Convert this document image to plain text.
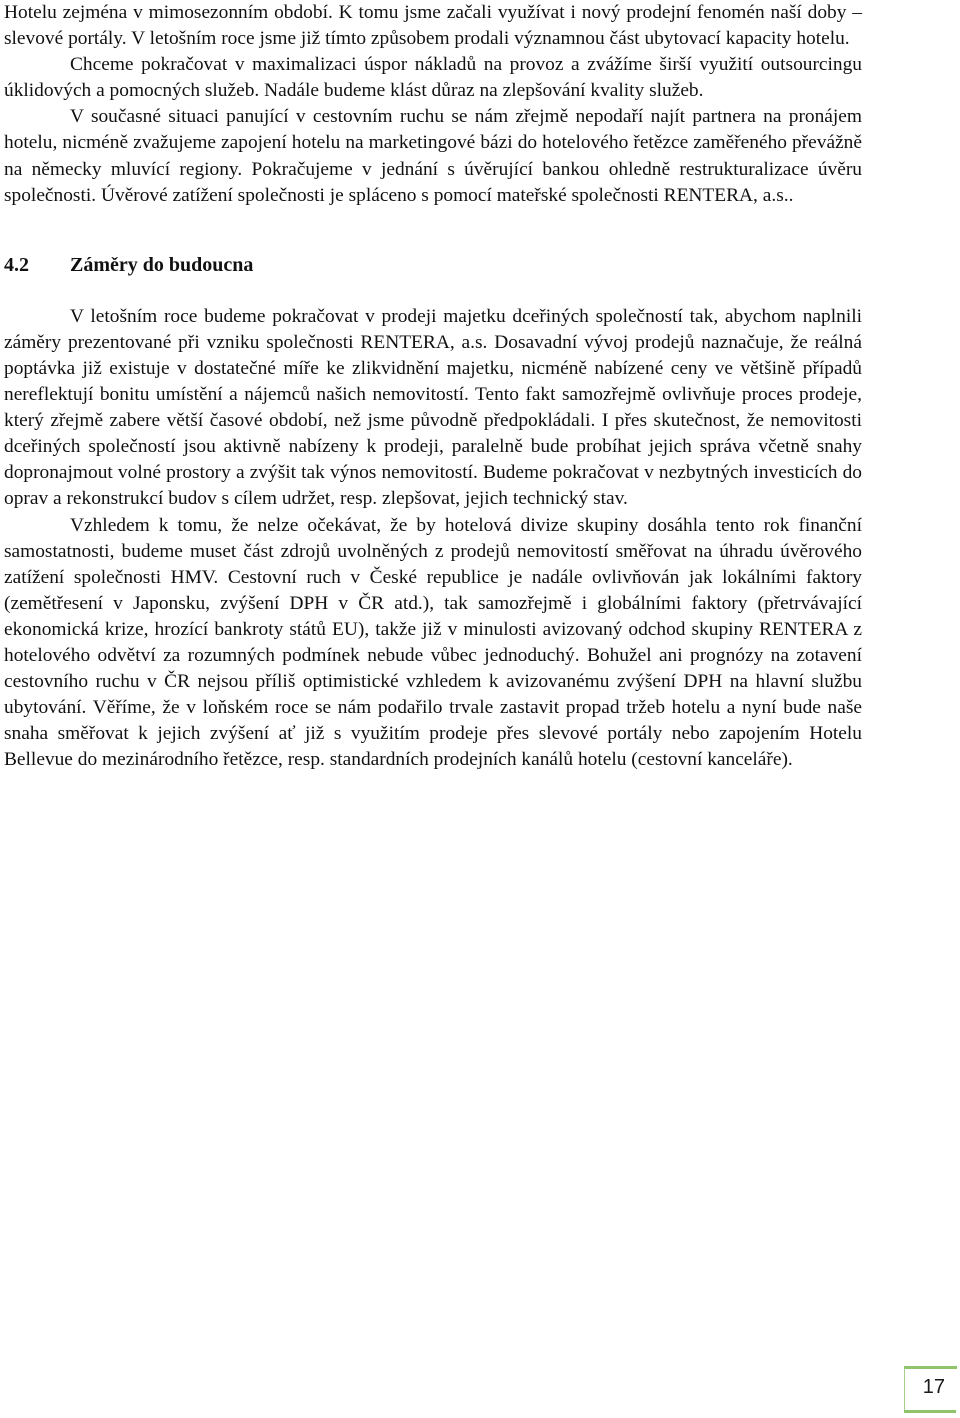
Hotelu zejména v mimosezonním období. K tomu jsme začali využívat i nový prodejní fenomén naší doby – slevové portály. V letošním roce jsme již tímto způsobem prodali významnou část ubytovací kapacity hotelu.

Chceme pokračovat v maximalizaci úspor nákladů na provoz a zvážíme širší využití outsourcingu úklidových a pomocných služeb. Nadále budeme klást důraz na zlepšování kvality služeb.

V současné situaci panující v cestovním ruchu se nám zřejmě nepodaří najít partnera na pronájem hotelu, nicméně zvažujeme zapojení hotelu na marketingové bázi do hotelového řetězce zaměřeného převážně na německy mluvící regiony. Pokračujeme v jednání s úvěrující bankou ohledně restrukturalizace úvěru společnosti. Úvěrové zatížení společnosti je spláceno s pomocí mateřské společnosti RENTERA, a.s..

4.2	Záměry do budoucna

V letošním roce budeme pokračovat v prodeji majetku dceřiných společností tak, abychom naplnili záměry prezentované při vzniku společnosti RENTERA, a.s. Dosavadní vývoj prodejů naznačuje, že reálná poptávka již existuje v dostatečné míře ke zlikvidnění majetku, nicméně nabízené ceny ve většině případů nereflektují bonitu umístění a nájemců našich nemovitostí. Tento fakt samozřejmě ovlivňuje proces prodeje, který zřejmě zabere větší časové období, než jsme původně předpokládali. I přes skutečnost, že nemovitosti dceřiných společností jsou aktivně nabízeny k prodeji, paralelně bude probíhat jejich správa včetně snahy dopronajmout volné prostory a zvýšit tak výnos nemovitostí. Budeme pokračovat v nezbytných investicích do oprav a rekonstrukcí budov s cílem udržet, resp. zlepšovat, jejich technický stav.

Vzhledem k tomu, že nelze očekávat, že by hotelová divize skupiny dosáhla tento rok finanční samostatnosti, budeme muset část zdrojů uvolněných z prodejů nemovitostí směřovat na úhradu úvěrového zatížení společnosti HMV. Cestovní ruch v České republice je nadále ovlivňován jak lokálními faktory (zemětřesení v Japonsku, zvýšení DPH v ČR atd.), tak samozřejmě i globálními faktory (přetrvávající ekonomická krize, hrozící bankroty států EU), takže již v minulosti avizovaný odchod skupiny RENTERA z hotelového odvětví za rozumných podmínek nebude vůbec jednoduchý. Bohužel ani prognózy na zotavení cestovního ruchu v ČR nejsou příliš optimistické vzhledem k avizovanému zvýšení DPH na hlavní službu ubytování. Věříme, že v loňském roce se nám podařilo trvale zastavit propad tržeb hotelu a nyní bude naše snaha směřovat k jejich zvýšení ať již s využitím prodeje přes slevové portály nebo zapojením Hotelu Bellevue do mezinárodního řetězce, resp. standardních prodejních kanálů hotelu (cestovní kanceláře).

17
